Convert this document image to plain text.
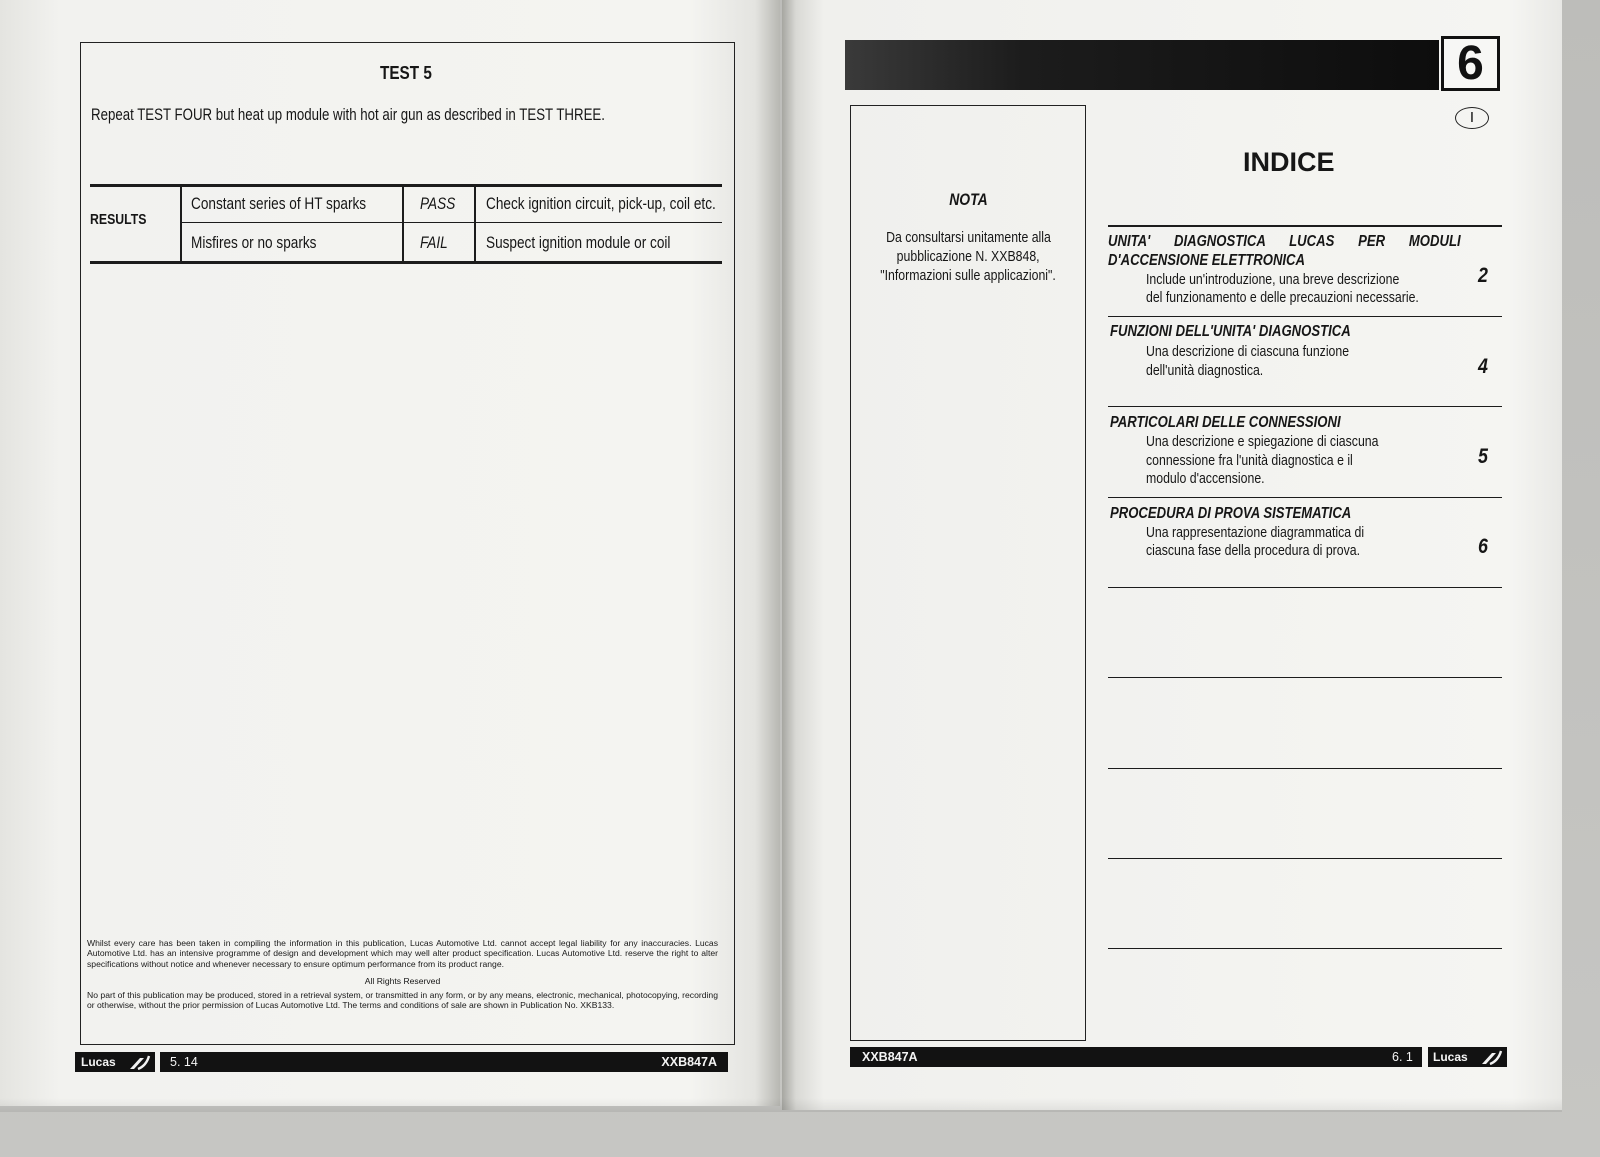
TEST 5
Repeat TEST FOUR but heat up module with hot air gun as described in TEST THREE.
RESULTS
Constant series of HT sparks	PASS Check ignition circuit, pick-up, coil etc.
Misfires or no sparks	FAIL Suspect ignition module or coil
Whilst every care has been taken in compiling the information in this publication, Lucas Automotive Ltd. cannot accept legal liability for any inaccuracies. Lucas Automotive Ltd. has an intensive programme of design and development which may well alter product specification. Lucas Automotive Ltd. reserve the right to alter specifications without notice and whenever necessary to ensure optimum performance from its product range.
All Rights Reserved
No part of this publication may be produced, stored in a retrieval system, or transmitted in any form, or by any means, electronic, mechanical, photocopying, recording or otherwise, without the prior permission of Lucas Automotive Ltd. The terms and conditions of sale are shown in Publication No. XKB133.
Lucas	5. 14	XXB847A
6
I
INDICE
NOTA
Da consultarsi unitamente alla
pubblicazione N. XXB848,
"Informazioni sulle applicazioni".
UNITA' DIAGNOSTICA LUCAS PER MODULI
D'ACCENSIONE ELETTRONICA
Include un'introduzione, una breve descrizione
del funzionamento e delle precauzioni necessarie.
2
FUNZIONI DELL'UNITA' DIAGNOSTICA
Una descrizione di ciascuna funzione
dell'unità diagnostica.	4
PARTICOLARI DELLE CONNESSIONI
Una descrizione e spiegazione di ciascuna
connessione fra l'unità diagnostica e il
modulo d'accensione.
5
PROCEDURA DI PROVA SISTEMATICA
Una rappresentazione diagrammatica di
ciascuna fase della procedura di prova.	6
XXB847A	6. 1 Lucas
